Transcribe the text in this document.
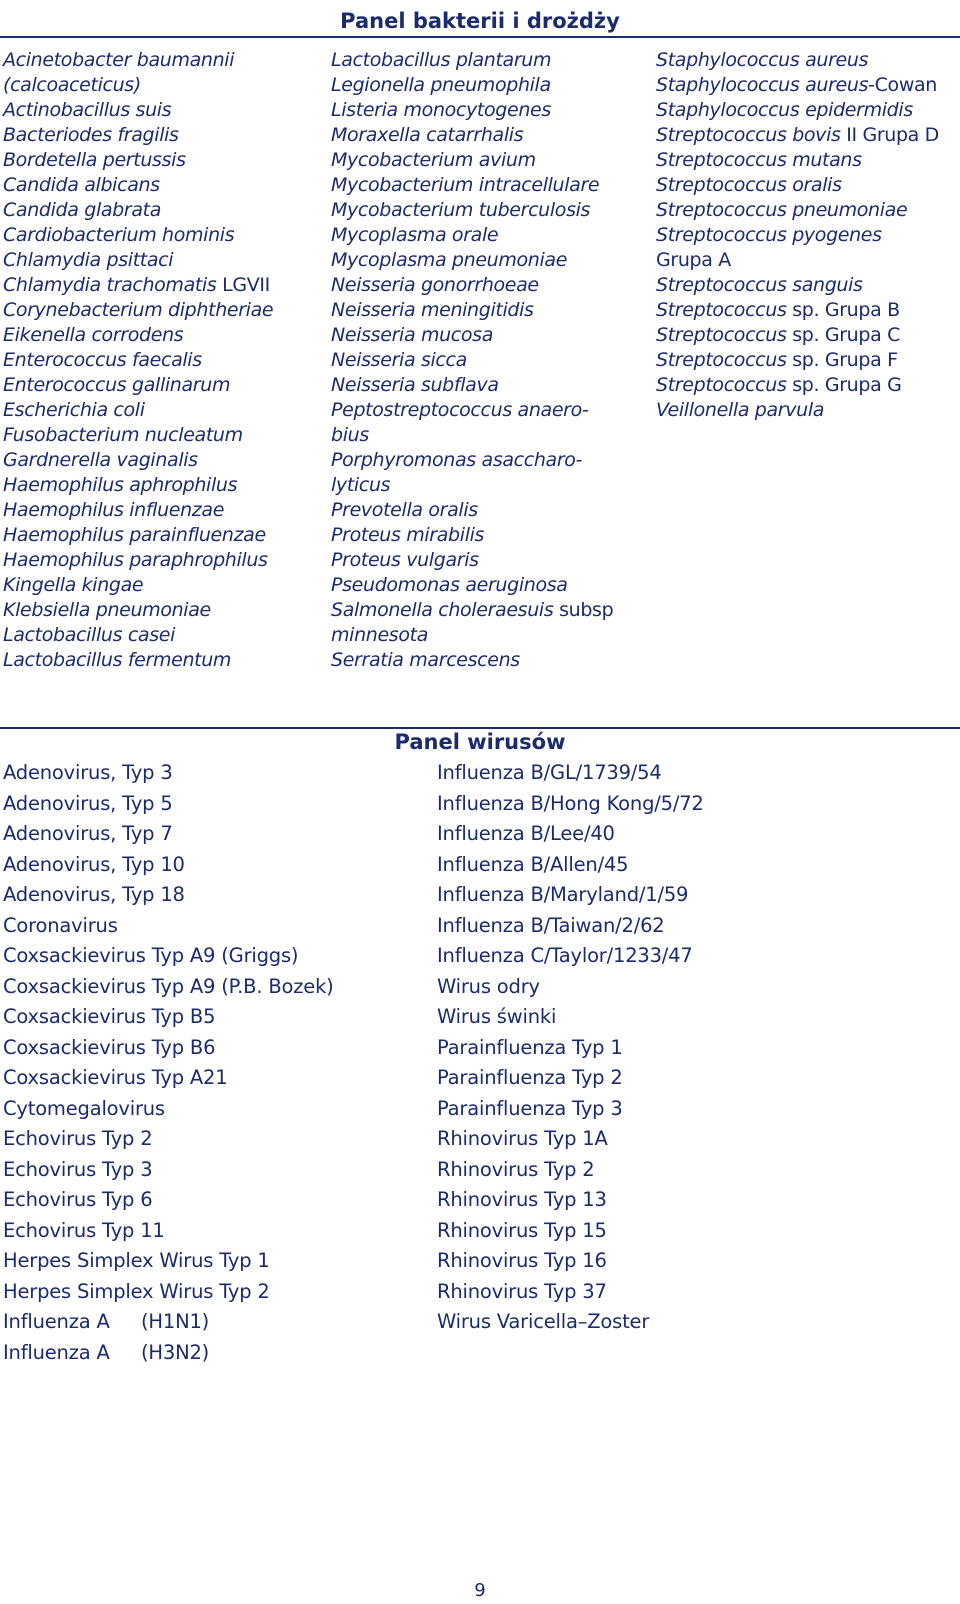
Panel bakterii i drożdży
Acinetobacter baumannii
(calcoaceticus)
Actinobacillus suis
Bacteriodes fragilis
Bordetella pertussis
Candida albicans
Candida glabrata
Cardiobacterium hominis
Chlamydia psittaci
Chlamydia trachomatis LGVII
Corynebacterium diphtheriae
Eikenella corrodens
Enterococcus faecalis
Enterococcus gallinarum
Escherichia coli
Fusobacterium nucleatum
Gardnerella vaginalis
Haemophilus aphrophilus
Haemophilus influenzae
Haemophilus parainfluenzae
Haemophilus paraphrophilus
Kingella kingae
Klebsiella pneumoniae
Lactobacillus casei
Lactobacillus fermentum
Lactobacillus plantarum
Legionella pneumophila
Listeria monocytogenes
Moraxella catarrhalis
Mycobacterium avium
Mycobacterium intracellulare
Mycobacterium tuberculosis
Mycoplasma orale
Mycoplasma pneumoniae
Neisseria gonorrhoeae
Neisseria meningitidis
Neisseria mucosa
Neisseria sicca
Neisseria subflava
Peptostreptococcus anaero-
bius
Porphyromonas asaccharo-
lyticus
Prevotella oralis
Proteus mirabilis
Proteus vulgaris
Pseudomonas aeruginosa
Salmonella choleraesuis subsp
minnesota
Serratia marcescens
Staphylococcus aureus
Staphylococcus aureus-Cowan
Staphylococcus epidermidis
Streptococcus bovis II Grupa D
Streptococcus mutans
Streptococcus oralis
Streptococcus pneumoniae
Streptococcus pyogenes
Grupa A
Streptococcus sanguis
Streptococcus sp. Grupa B
Streptococcus sp. Grupa C
Streptococcus sp. Grupa F
Streptococcus sp. Grupa G
Veillonella parvula
Panel wirusów
Adenovirus, Typ 3
Adenovirus, Typ 5
Adenovirus, Typ 7
Adenovirus, Typ 10
Adenovirus, Typ 18
Coronavirus
Coxsackievirus Typ A9 (Griggs)
Coxsackievirus Typ A9 (P.B. Bozek)
Coxsackievirus Typ B5
Coxsackievirus Typ B6
Coxsackievirus Typ A21
Cytomegalovirus
Echovirus Typ 2
Echovirus Typ 3
Echovirus Typ 6
Echovirus Typ 11
Herpes Simplex Wirus Typ 1
Herpes Simplex Wirus Typ 2
Influenza A (H1N1)
Influenza A (H3N2)
Influenza B/GL/1739/54
Influenza B/Hong Kong/5/72
Influenza B/Lee/40
Influenza B/Allen/45
Influenza B/Maryland/1/59
Influenza B/Taiwan/2/62
Influenza C/Taylor/1233/47
Wirus odry
Wirus świnki
Parainfluenza Typ 1
Parainfluenza Typ 2
Parainfluenza Typ 3
Rhinovirus Typ 1A
Rhinovirus Typ 2
Rhinovirus Typ 13
Rhinovirus Typ 15
Rhinovirus Typ 16
Rhinovirus Typ 37
Wirus Varicella–Zoster
9
